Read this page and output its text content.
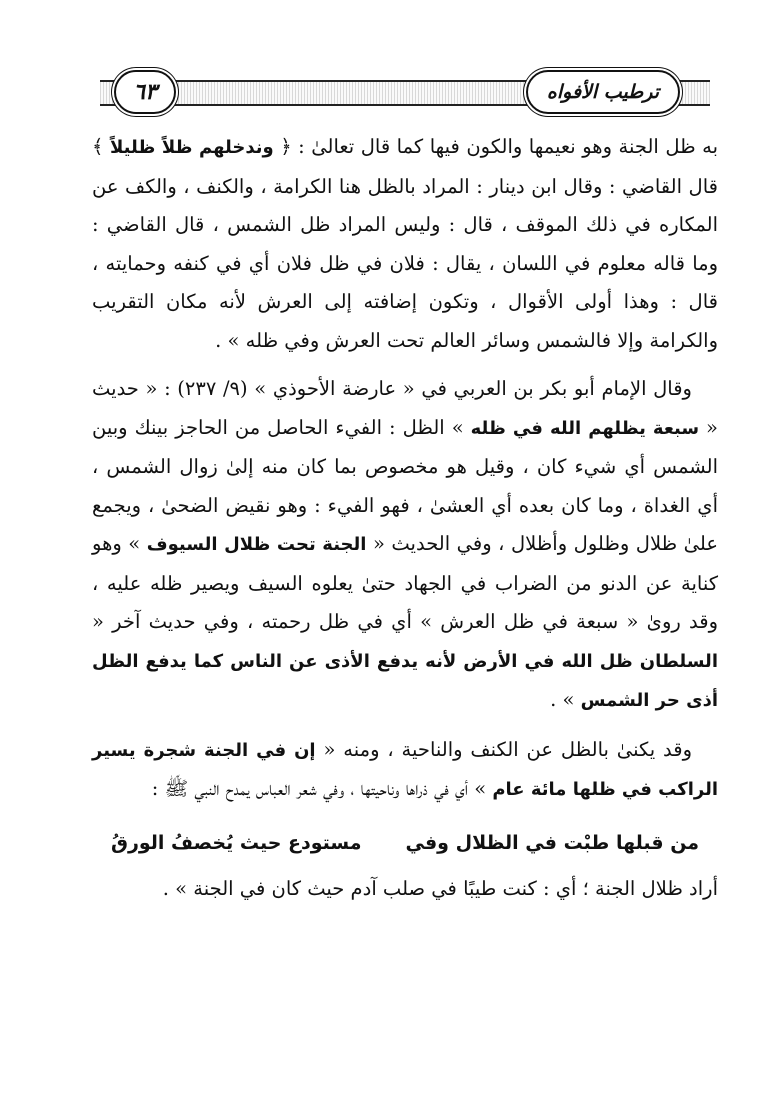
ترطيب الأفواه
٦٣

به ظل الجنة وهو نعيمها والكون فيها كما قال تعالىٰ : ﴿ وندخلهم ظلاً ظليلاً ﴾ قال القاضي : وقال ابن دينار : المراد بالظل هنا الكرامة ، والكنف ، والكف عن المكاره في ذلك الموقف ، قال : وليس المراد ظل الشمس ، قال القاضي : وما قاله معلوم في اللسان ، يقال : فلان في ظل فلان أي في كنفه وحمايته ، قال : وهذا أولى الأقوال ، وتكون إضافته إلى العرش لأنه مكان التقريب والكرامة وإلا فالشمس وسائر العالم تحت العرش وفي ظله » .

وقال الإمام أبو بكر بن العربي في « عارضة الأحوذي » (٩/ ٢٣٧) : « حديث « سبعة يظلهم الله في ظله » الظل : الفيء الحاصل من الحاجز بينك وبين الشمس أي شيء كان ، وقيل هو مخصوص بما كان منه إلىٰ زوال الشمس ، أي الغداة ، وما كان بعده أي العشىٰ ، فهو الفيء : وهو نقيض الضحىٰ ، ويجمع علىٰ ظلال وظلول وأظلال ، وفي الحديث « الجنة تحت ظلال السيوف » وهو كناية عن الدنو من الضراب في الجهاد حتىٰ يعلوه السيف ويصير ظله عليه ، وقد روىٰ « سبعة في ظل العرش » أي في ظل رحمته ، وفي حديث آخر « السلطان ظل الله في الأرض لأنه يدفع الأذى عن الناس كما يدفع الظل أذى حر الشمس » .

وقد يكنىٰ بالظل عن الكنف والناحية ، ومنه « إن في الجنة شجرة يسير الراكب في ظلها مائة عام » أي في ذراها وناحيتها ، وفي شعر العباس يمدح النبي ﷺ :

من قبلها طبْت في الظلال وفي
مستودع حيث يُخصفُ الورقُ

أراد ظلال الجنة ؛ أي : كنت طيبًا في صلب آدم حيث كان في الجنة » .
